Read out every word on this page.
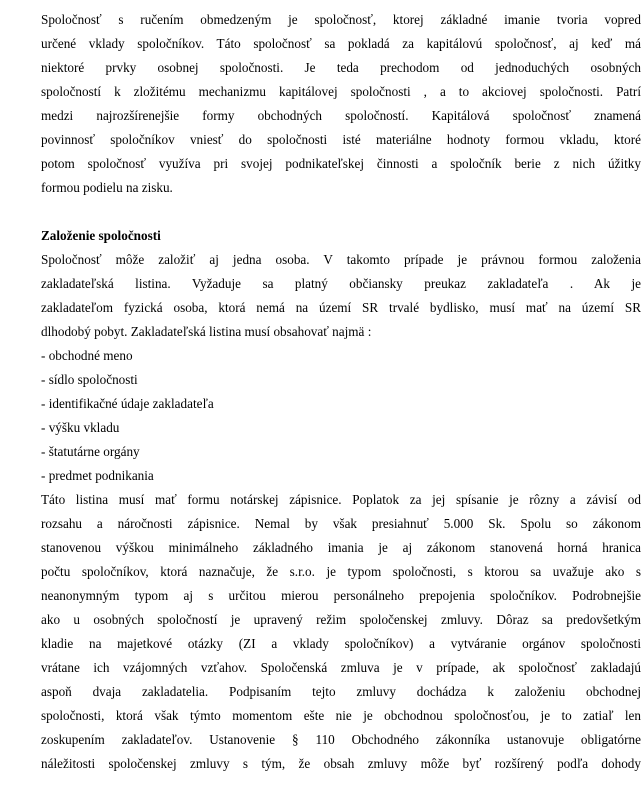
Spoločnosť s ručením obmedzeným je spoločnosť, ktorej základné imanie tvoria vopred
určené vklady spoločníkov. Táto spoločnosť sa pokladá za kapitálovú spoločnosť, aj keď má
niektoré prvky osobnej spoločnosti. Je teda prechodom od jednoduchých osobných
spoločností k zložitému mechanizmu kapitálovej spoločnosti , a to akciovej spoločnosti. Patrí
medzi najrozšírenejšie formy obchodných spoločností. Kapitálová spoločnosť znamená
povinnosť spoločníkov vniesť do spoločnosti isté materiálne hodnoty formou vkladu, ktoré
potom spoločnosť využíva pri svojej podnikateľskej činnosti a spoločník berie z nich úžitky
formou podielu na zisku.
Založenie spoločnosti
Spoločnosť môže založiť aj jedna osoba. V takomto prípade je právnou formou založenia
zakladateľská listina. Vyžaduje sa platný občiansky preukaz zakladateľa . Ak je
zakladateľom fyzická osoba, ktorá nemá na území SR trvalé bydlisko, musí mať na území SR
dlhodobý pobyt. Zakladateľská listina musí obsahovať najmä :
- obchodné meno
- sídlo spoločnosti
- identifikačné údaje zakladateľa
- výšku vkladu
- štatutárne orgány
- predmet podnikania
Táto listina musí mať formu notárskej zápisnice. Poplatok za jej spísanie je rôzny a závisí od
rozsahu a náročnosti zápisnice. Nemal by však presiahnuť 5.000 Sk. Spolu so zákonom
stanovenou výškou minimálneho základného imania je aj zákonom stanovená horná hranica
počtu spoločníkov, ktorá naznačuje, že s.r.o. je typom spoločnosti, s ktorou sa uvažuje ako s
neanonymným typom aj s určitou mierou personálneho prepojenia spoločníkov. Podrobnejšie
ako u osobných spoločností je upravený režim spoločenskej zmluvy. Dôraz sa predovšetkým
kladie na majetkové otázky (ZI a vklady spoločníkov) a vytváranie orgánov spoločnosti
vrátane ich vzájomných vzťahov. Spoločenská zmluva je v prípade, ak spoločnosť zakladajú
aspoň dvaja zakladatelia. Podpisaním tejto zmluvy dochádza k založeniu obchodnej
spoločnosti, ktorá však týmto momentom ešte nie je obchodnou spoločnosťou, je to zatiaľ len
zoskupením zakladateľov. Ustanovenie § 110 Obchodného zákonníka ustanovuje obligatórne
náležitosti spoločenskej zmluvy s tým, že obsah zmluvy môže byť rozšírený podľa dohody
